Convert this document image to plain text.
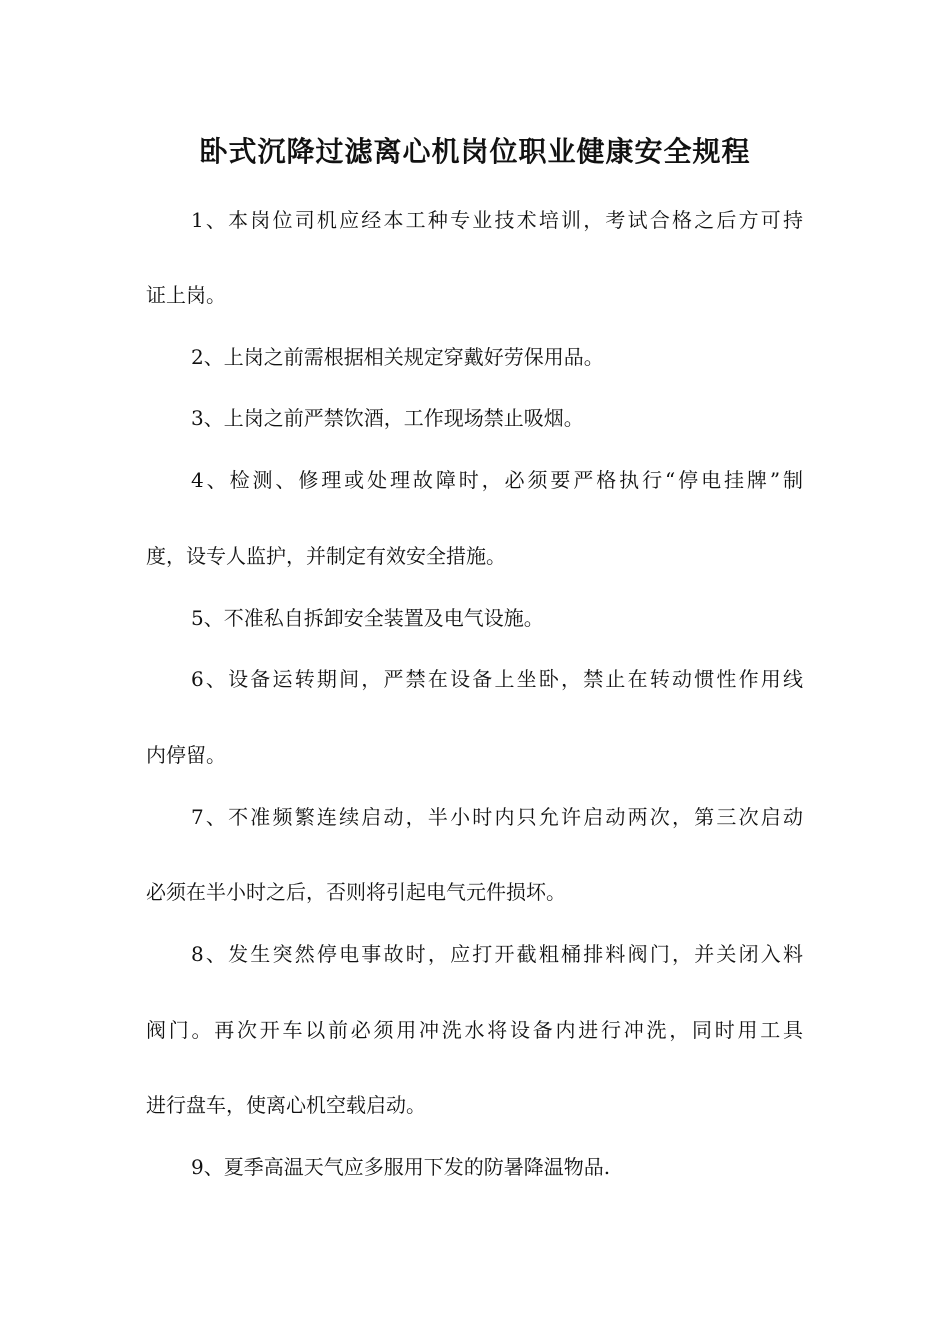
卧式沉降过滤离心机岗位职业健康安全规程

1、本岗位司机应经本工种专业技术培训，考试合格之后方可持

证上岗。

2、上岗之前需根据相关规定穿戴好劳保用品。

3、上岗之前严禁饮酒，工作现场禁止吸烟。

4、检测、修理或处理故障时，必须要严格执行“停电挂牌”制

度，设专人监护，并制定有效安全措施。

5、不准私自拆卸安全装置及电气设施。

6、设备运转期间，严禁在设备上坐卧，禁止在转动惯性作用线

内停留。

7、不准频繁连续启动，半小时内只允许启动两次，第三次启动

必须在半小时之后，否则将引起电气元件损坏。

8、发生突然停电事故时，应打开截粗桶排料阀门，并关闭入料

阀门。再次开车以前必须用冲洗水将设备内进行冲洗，同时用工具

进行盘车，使离心机空载启动。

9、夏季高温天气应多服用下发的防暑降温物品.
